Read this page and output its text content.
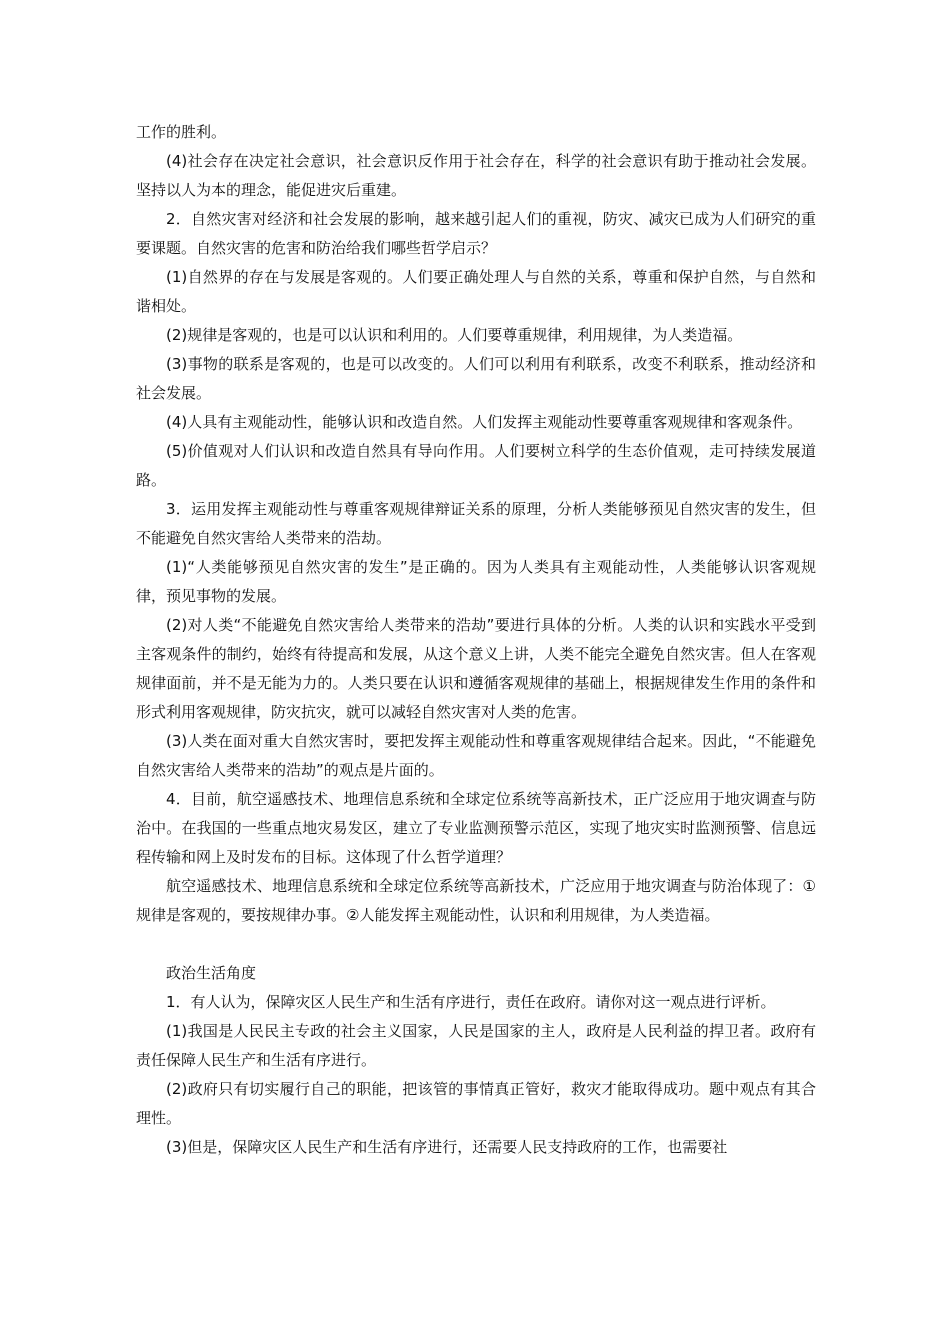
工作的胜利。

(4)社会存在决定社会意识，社会意识反作用于社会存在，科学的社会意识有助于推动社会发展。坚持以人为本的理念，能促进灾后重建。

2．自然灾害对经济和社会发展的影响，越来越引起人们的重视，防灾、减灾已成为人们研究的重要课题。自然灾害的危害和防治给我们哪些哲学启示？

(1)自然界的存在与发展是客观的。人们要正确处理人与自然的关系，尊重和保护自然，与自然和谐相处。

(2)规律是客观的，也是可以认识和利用的。人们要尊重规律，利用规律，为人类造福。

(3)事物的联系是客观的，也是可以改变的。人们可以利用有利联系，改变不利联系，推动经济和社会发展。

(4)人具有主观能动性，能够认识和改造自然。人们发挥主观能动性要尊重客观规律和客观条件。

(5)价值观对人们认识和改造自然具有导向作用。人们要树立科学的生态价值观，走可持续发展道路。

3．运用发挥主观能动性与尊重客观规律辩证关系的原理，分析人类能够预见自然灾害的发生，但不能避免自然灾害给人类带来的浩劫。

(1)“人类能够预见自然灾害的发生”是正确的。因为人类具有主观能动性，人类能够认识客观规律，预见事物的发展。

(2)对人类“不能避免自然灾害给人类带来的浩劫”要进行具体的分析。人类的认识和实践水平受到主客观条件的制约，始终有待提高和发展，从这个意义上讲，人类不能完全避免自然灾害。但人在客观规律面前，并不是无能为力的。人类只要在认识和遵循客观规律的基础上，根据规律发生作用的条件和形式利用客观规律，防灾抗灾，就可以减轻自然灾害对人类的危害。

(3)人类在面对重大自然灾害时，要把发挥主观能动性和尊重客观规律结合起来。因此，“不能避免自然灾害给人类带来的浩劫”的观点是片面的。

4．目前，航空遥感技术、地理信息系统和全球定位系统等高新技术，正广泛应用于地灾调查与防治中。在我国的一些重点地灾易发区，建立了专业监测预警示范区，实现了地灾实时监测预警、信息远程传输和网上及时发布的目标。这体现了什么哲学道理？

航空遥感技术、地理信息系统和全球定位系统等高新技术，广泛应用于地灾调查与防治体现了：①规律是客观的，要按规律办事。②人能发挥主观能动性，认识和利用规律，为人类造福。

政治生活角度

1．有人认为，保障灾区人民生产和生活有序进行，责任在政府。请你对这一观点进行评析。

(1)我国是人民民主专政的社会主义国家，人民是国家的主人，政府是人民利益的捍卫者。政府有责任保障人民生产和生活有序进行。

(2)政府只有切实履行自己的职能，把该管的事情真正管好，救灾才能取得成功。题中观点有其合理性。

(3)但是，保障灾区人民生产和生活有序进行，还需要人民支持政府的工作，也需要社
